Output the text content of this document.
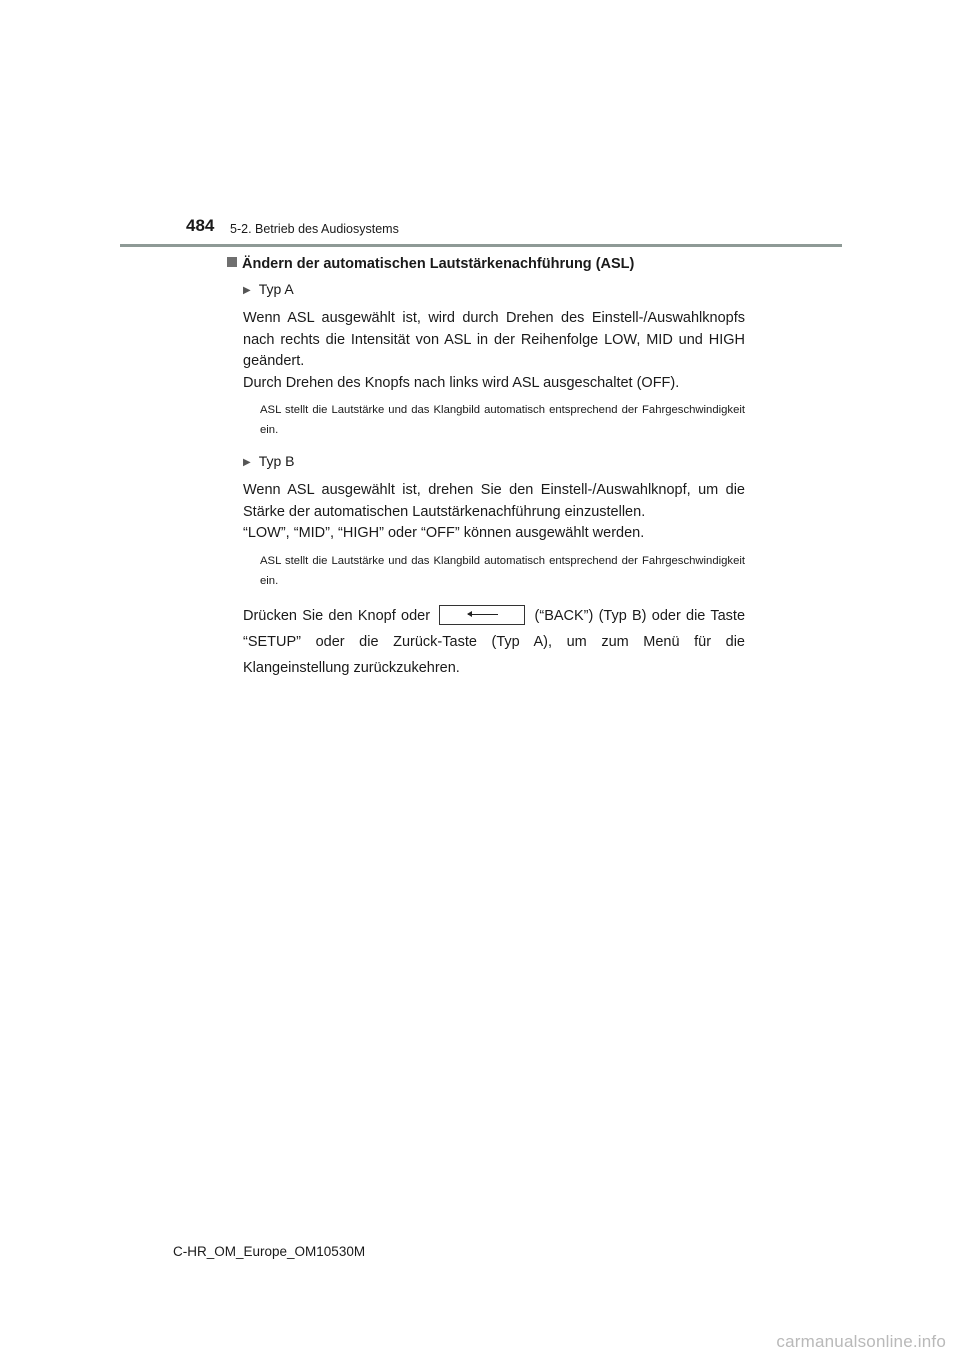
484 5-2. Betrieb des Audiosystems
Ändern der automatischen Lautstärkenachführung (ASL)
▶ Typ A

Wenn ASL ausgewählt ist, wird durch Drehen des Einstell-/Auswahlknopfs nach rechts die Intensität von ASL in der Reihenfolge LOW, MID und HIGH geändert.

Durch Drehen des Knopfs nach links wird ASL ausgeschaltet (OFF).

ASL stellt die Lautstärke und das Klangbild automatisch entsprechend der Fahrgeschwindigkeit ein.

▶ Typ B

Wenn ASL ausgewählt ist, drehen Sie den Einstell-/Auswahlknopf, um die Stärke der automatischen Lautstärkenachführung einzustellen.

“LOW”, “MID”, “HIGH” oder “OFF” können ausgewählt werden.

ASL stellt die Lautstärke und das Klangbild automatisch entsprechend der Fahrgeschwindigkeit ein.

Drücken Sie den Knopf oder	(“BACK”) (Typ B) oder die Taste “SETUP” oder die Zurück-Taste (Typ A), um zum Menü für die Klangeinstellung zurückzukehren.

C-HR_OM_Europe_OM10530M
carmanualsonline.info
